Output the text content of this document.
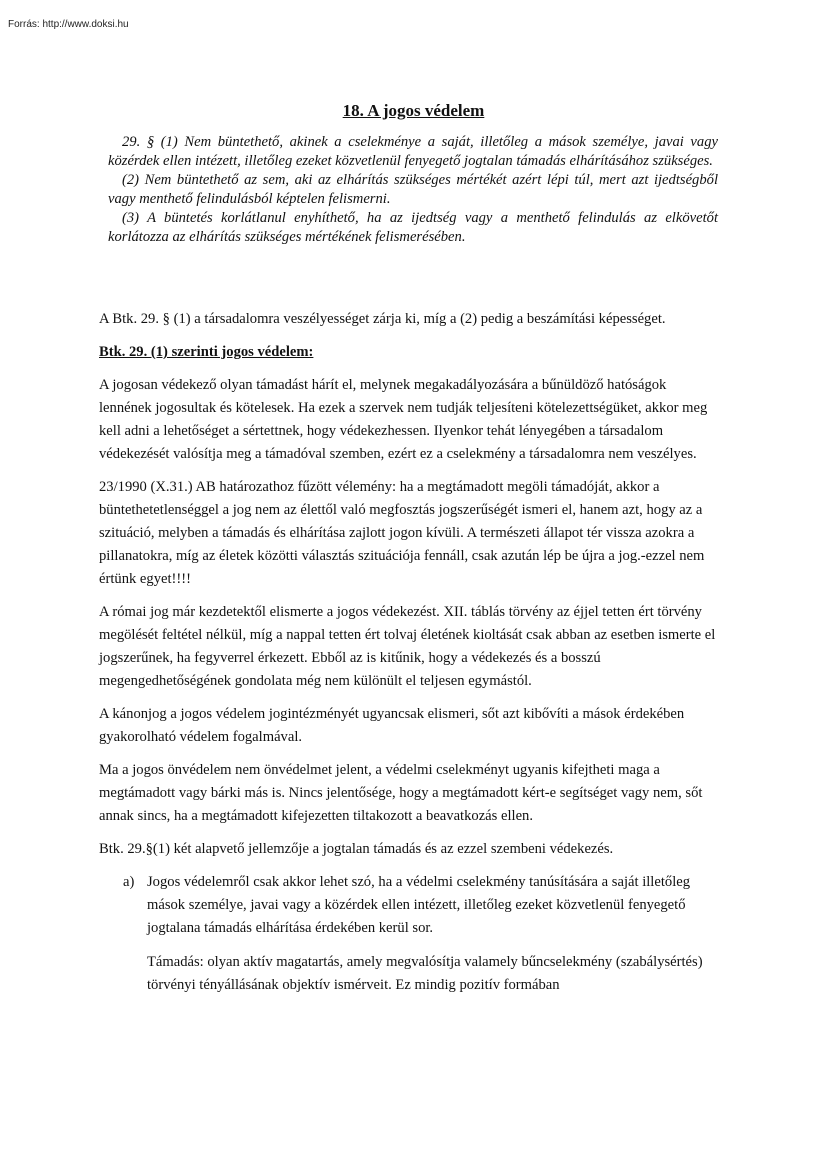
Forrás: http://www.doksi.hu
18. A jogos védelem

29. § (1) Nem büntethető, akinek a cselekménye a saját, illetőleg a mások személye, javai vagy közérdek ellen intézett, illetőleg ezeket közvetlenül fenyegető jogtalan támadás elhárításához szükséges.

(2) Nem büntethető az sem, aki az elhárítás szükséges mértékét azért lépi túl, mert azt ijedtségből vagy menthető felindulásból képtelen felismerni.

(3) A büntetés korlátlanul enyhíthető, ha az ijedtség vagy a menthető felindulás az elkövetőt korlátozza az elhárítás szükséges mértékének felismerésében.

A Btk. 29. § (1) a társadalomra veszélyességet zárja ki, míg a (2) pedig a beszámítási képességet.

Btk. 29. (1) szerinti jogos védelem:

A jogosan védekező olyan támadást hárít el, melynek megakadályozására a bűnüldöző hatóságok lennének jogosultak és kötelesek. Ha ezek a szervek nem tudják teljesíteni kötelezettségüket, akkor meg kell adni a lehetőséget a sértettnek, hogy védekezhessen. Ilyenkor tehát lényegében a társadalom védekezését valósítja meg a támadóval szemben, ezért ez a cselekmény a társadalomra nem veszélyes.

23/1990 (X.31.) AB határozathoz fűzött vélemény: ha a megtámadott megöli támadóját, akkor a büntethetetlenséggel a jog nem az élettől való megfosztás jogszerűségét ismeri el, hanem azt, hogy az a szituáció, melyben a támadás és elhárítása zajlott jogon kívüli. A természeti állapot tér vissza azokra a pillanatokra, míg az életek közötti választás szituációja fennáll, csak azután lép be újra a jog.-ezzel nem értünk egyet!!!!

A római jog már kezdetektől elismerte a jogos védekezést. XII. táblás törvény az éjjel tetten ért törvény megölését feltétel nélkül, míg a nappal tetten ért tolvaj életének kioltását csak abban az esetben ismerte el jogszerűnek, ha fegyverrel érkezett. Ebből az is kitűnik, hogy a védekezés és a bosszú megengedhetőségének gondolata még nem különült el teljesen egymástól.

A kánonjog a jogos védelem jogintézményét ugyancsak elismeri, sőt azt kibővíti a mások érdekében gyakorolható védelem fogalmával.

Ma a jogos önvédelem nem önvédelmet jelent, a védelmi cselekményt ugyanis kifejtheti maga a megtámadott vagy bárki más is. Nincs jelentősége, hogy a megtámadott kért-e segítséget vagy nem, sőt annak sincs, ha a megtámadott kifejezetten tiltakozott a beavatkozás ellen.

Btk. 29.§(1) két alapvető jellemzője a jogtalan támadás és az ezzel szembeni védekezés.

a) Jogos védelemről csak akkor lehet szó, ha a védelmi cselekmény tanúsítására a saját illetőleg mások személye, javai vagy a közérdek ellen intézett, illetőleg ezeket közvetlenül fenyegető jogtalana támadás elhárítása érdekében kerül sor.

Támadás: olyan aktív magatartás, amely megvalósítja valamely bűncselekmény (szabálysértés) törvényi tényállásának objektív ismérveit. Ez mindig pozitív formában
